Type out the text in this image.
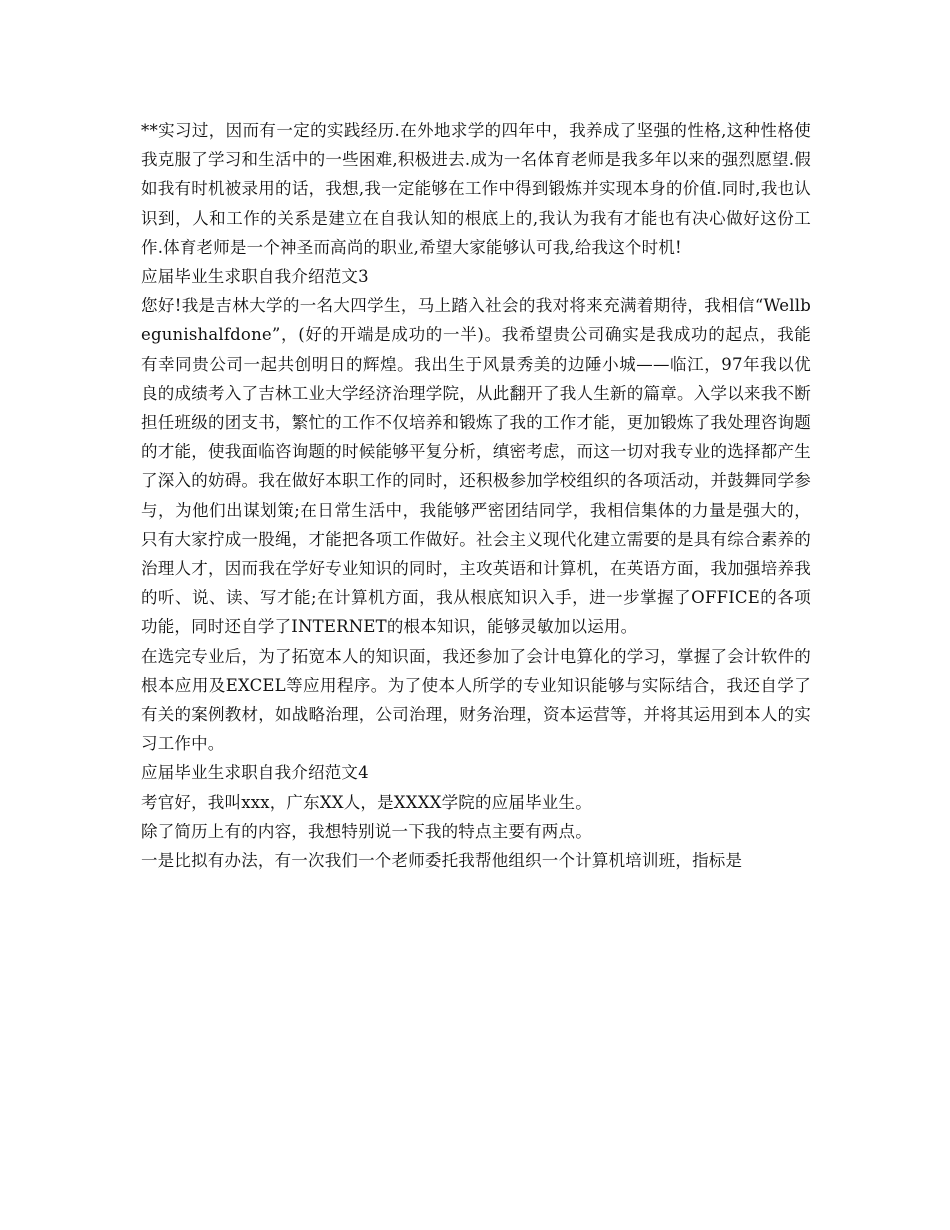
**实习过，因而有一定的实践经历.在外地求学的四年中，我养成了坚强的性格,这种性格使我克服了学习和生活中的一些困难,积极进去.成为一名体育老师是我多年以来的强烈愿望.假如我有时机被录用的话，我想,我一定能够在工作中得到锻炼并实现本身的价值.同时,我也认识到，人和工作的关系是建立在自我认知的根底上的,我认为我有才能也有决心做好这份工作.体育老师是一个神圣而高尚的职业,希望大家能够认可我,给我这个时机!

应届毕业生求职自我介绍范文3

您好!我是吉林大学的一名大四学生，马上踏入社会的我对将来充满着期待，我相信“Wellbegunishalfdone”，(好的开端是成功的一半)。我希望贵公司确实是我成功的起点，我能有幸同贵公司一起共创明日的辉煌。我出生于风景秀美的边陲小城——临江，97年我以优良的成绩考入了吉林工业大学经济治理学院，从此翻开了我人生新的篇章。入学以来我不断担任班级的团支书，繁忙的工作不仅培养和锻炼了我的工作才能，更加锻炼了我处理咨询题的才能，使我面临咨询题的时候能够平复分析，缜密考虑，而这一切对我专业的选择都产生了深入的妨碍。我在做好本职工作的同时，还积极参加学校组织的各项活动，并鼓舞同学参与，为他们出谋划策;在日常生活中，我能够严密团结同学，我相信集体的力量是强大的，只有大家拧成一股绳，才能把各项工作做好。社会主义现代化建立需要的是具有综合素养的治理人才，因而我在学好专业知识的同时，主攻英语和计算机，在英语方面，我加强培养我的听、说、读、写才能;在计算机方面，我从根底知识入手，进一步掌握了OFFICE的各项功能，同时还自学了INTERNET的根本知识，能够灵敏加以运用。

在选完专业后，为了拓宽本人的知识面，我还参加了会计电算化的学习，掌握了会计软件的根本应用及EXCEL等应用程序。为了使本人所学的专业知识能够与实际结合，我还自学了有关的案例教材，如战略治理，公司治理，财务治理，资本运营等，并将其运用到本人的实习工作中。

应届毕业生求职自我介绍范文4

考官好，我叫xxx，广东XX人，是XXXX学院的应届毕业生。

除了简历上有的内容，我想特别说一下我的特点主要有两点。

一是比拟有办法，有一次我们一个老师委托我帮他组织一个计算机培训班，指标是
